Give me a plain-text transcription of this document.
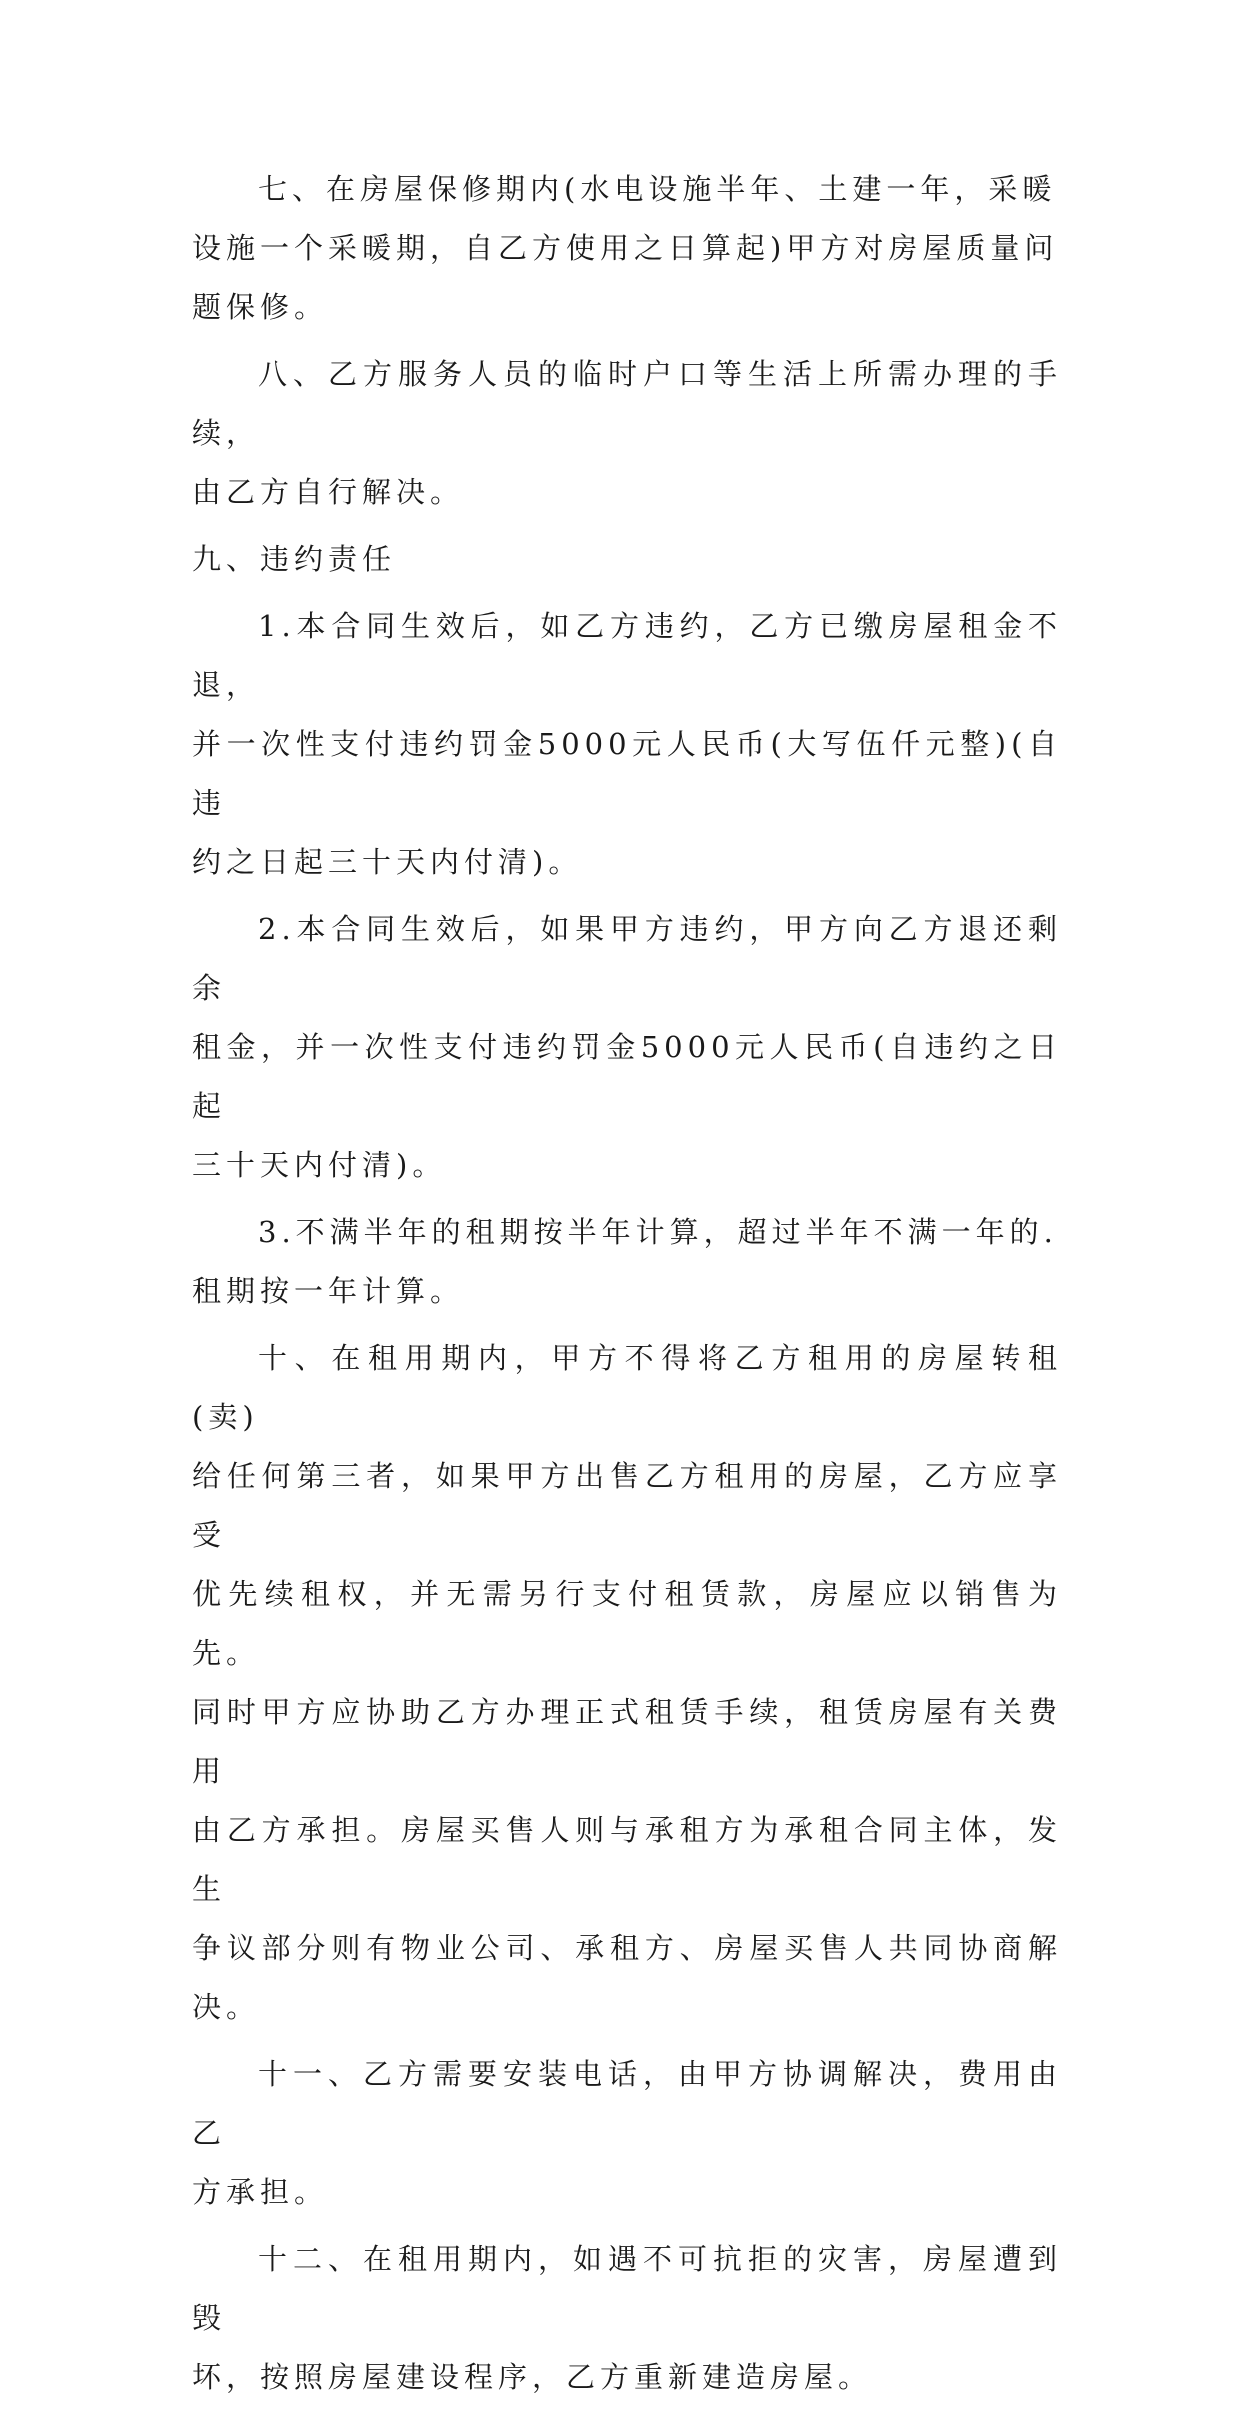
七、在房屋保修期内(水电设施半年、土建一年，采暖
设施一个采暖期，自乙方使用之日算起)甲方对房屋质量问
题保修。
八、乙方服务人员的临时户口等生活上所需办理的手续，
由乙方自行解决。
九、违约责任
1.本合同生效后，如乙方违约，乙方已缴房屋租金不退，
并一次性支付违约罚金5000元人民币(大写伍仟元整)(自违
约之日起三十天内付清)。
2.本合同生效后，如果甲方违约，甲方向乙方退还剩余
租金，并一次性支付违约罚金5000元人民币(自违约之日起
三十天内付清)。
3.不满半年的租期按半年计算，超过半年不满一年的.
租期按一年计算。
十、在租用期内，甲方不得将乙方租用的房屋转租(卖)
给任何第三者，如果甲方出售乙方租用的房屋，乙方应享受
优先续租权，并无需另行支付租赁款，房屋应以销售为先。
同时甲方应协助乙方办理正式租赁手续，租赁房屋有关费用
由乙方承担。房屋买售人则与承租方为承租合同主体，发生
争议部分则有物业公司、承租方、房屋买售人共同协商解决。
十一、乙方需要安装电话，由甲方协调解决，费用由乙
方承担。
十二、在租用期内，如遇不可抗拒的灾害，房屋遭到毁
坏，按照房屋建设程序，乙方重新建造房屋。
